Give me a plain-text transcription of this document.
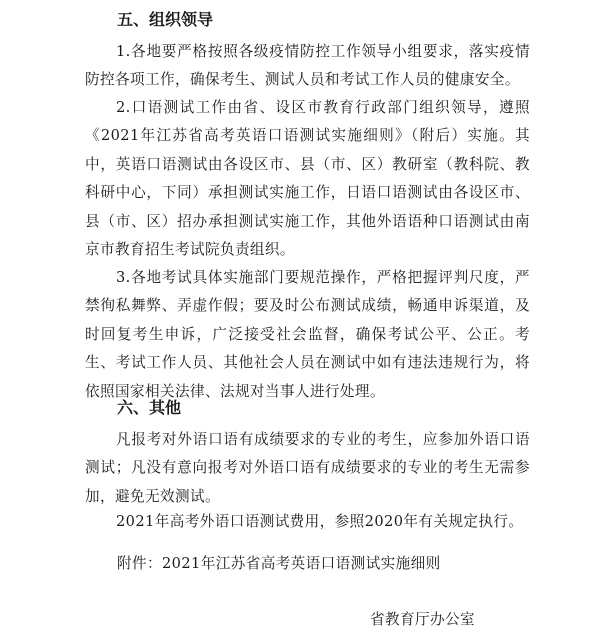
五、组织领导

1.各地要严格按照各级疫情防控工作领导小组要求，落实疫情防控各项工作，确保考生、测试人员和考试工作人员的健康安全。

2.口语测试工作由省、设区市教育行政部门组织领导，遵照《2021年江苏省高考英语口语测试实施细则》（附后）实施。其中，英语口语测试由各设区市、县（市、区）教研室（教科院、教科研中心，下同）承担测试实施工作，日语口语测试由各设区市、县（市、区）招办承担测试实施工作，其他外语语种口语测试由南京市教育招生考试院负责组织。

3.各地考试具体实施部门要规范操作，严格把握评判尺度，严禁徇私舞弊、弄虚作假；要及时公布测试成绩，畅通申诉渠道，及时回复考生申诉，广泛接受社会监督，确保考试公平、公正。考生、考试工作人员、其他社会人员在测试中如有违法违规行为，将依照国家相关法律、法规对当事人进行处理。

六、其他

凡报考对外语口语有成绩要求的专业的考生，应参加外语口语测试；凡没有意向报考对外语口语有成绩要求的专业的考生无需参加，避免无效测试。

2021年高考外语口语测试费用，参照2020年有关规定执行。

附件：2021年江苏省高考英语口语测试实施细则

省教育厅办公室
